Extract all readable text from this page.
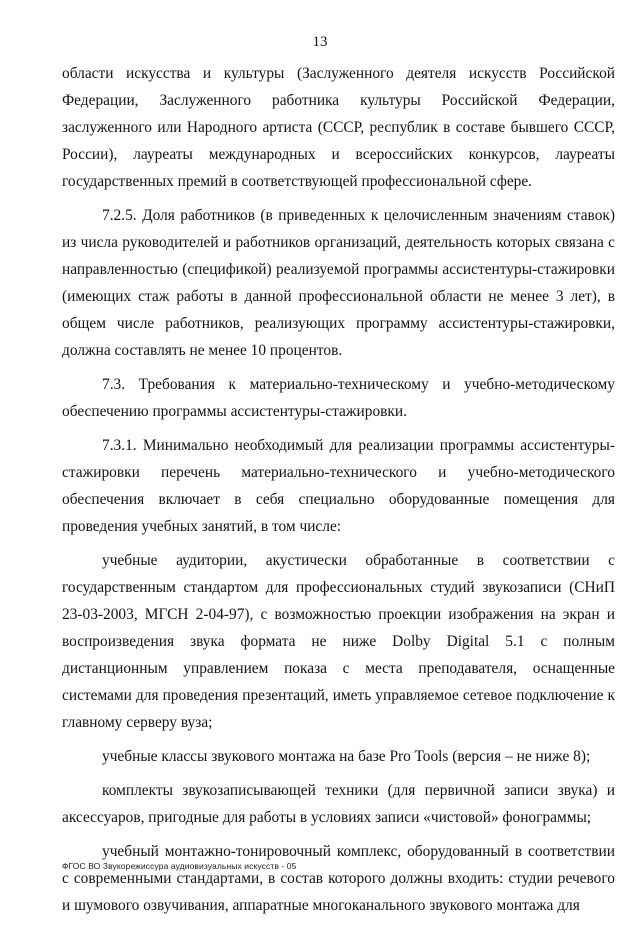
13

области искусства и культуры (Заслуженного деятеля искусств Российской Федерации, Заслуженного работника культуры Российской Федерации, заслуженного или Народного артиста (СССР, республик в составе бывшего СССР, России), лауреаты международных и всероссийских конкурсов, лауреаты государственных премий в соответствующей профессиональной сфере.

7.2.5. Доля работников (в приведенных к целочисленным значениям ставок) из числа руководителей и работников организаций, деятельность которых связана с направленностью (спецификой) реализуемой программы ассистентуры-стажировки (имеющих стаж работы в данной профессиональной области не менее 3 лет), в общем числе работников, реализующих программу ассистентуры-стажировки, должна составлять не менее 10 процентов.

7.3. Требования к материально-техническому и учебно-методическому обеспечению программы ассистентуры-стажировки.

7.3.1. Минимально необходимый для реализации программы ассистентуры-стажировки перечень материально-технического и учебно-методического обеспечения включает в себя специально оборудованные помещения для проведения учебных занятий, в том числе:

учебные аудитории, акустически обработанные в соответствии с государственным стандартом для профессиональных студий звукозаписи (СНиП 23-03-2003, МГСН 2-04-97), с возможностью проекции изображения на экран и воспроизведения звука формата не ниже Dolby Digital 5.1 с полным дистанционным управлением показа с места преподавателя, оснащенные системами для проведения презентаций, иметь управляемое сетевое подключение к главному серверу вуза;

учебные классы звукового монтажа на базе Pro Tools (версия – не ниже 8);

комплекты звукозаписывающей техники (для первичной записи звука) и аксессуаров, пригодные для работы в условиях записи «чистовой» фонограммы;

учебный монтажно-тонировочный комплекс, оборудованный в соответствии с современными стандартами, в состав которого должны входить: студии речевого и шумового озвучивания, аппаратные многоканального звукового монтажа для

ФГОС ВО Звукорежиссура аудиовизуальных искусств - 05
